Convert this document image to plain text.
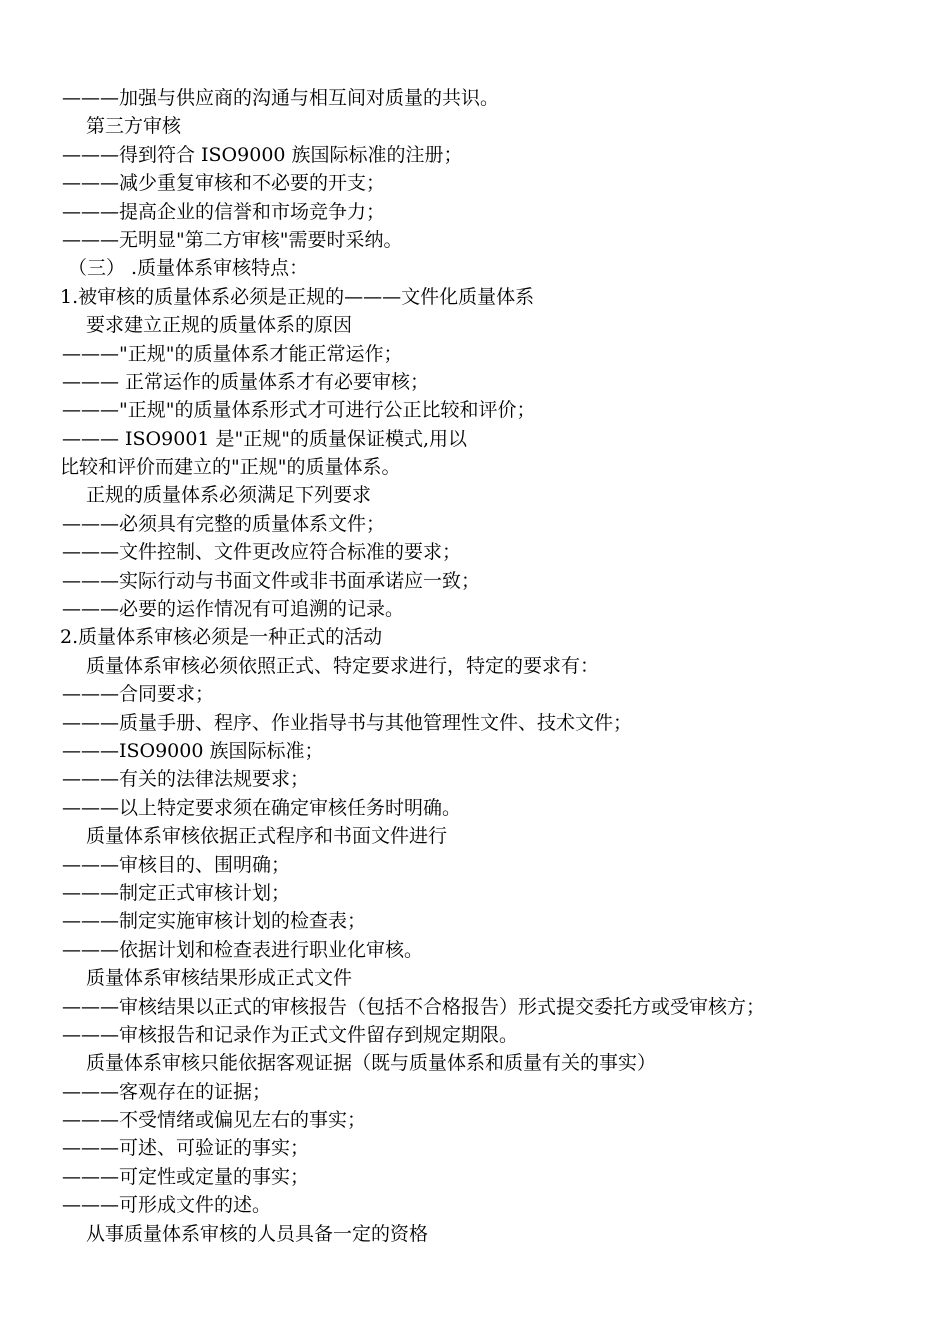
———加强与供应商的沟通与相互间对质量的共识。
第三方审核
———得到符合 ISO9000 族国际标准的注册；
———减少重复审核和不必要的开支；
———提高企业的信誉和市场竞争力；
———无明显"第二方审核"需要时采纳。
（三） .质量体系审核特点：
1.被审核的质量体系必须是正规的———文件化质量体系
要求建立正规的质量体系的原因
———"正规"的质量体系才能正常运作；
——— 正常运作的质量体系才有必要审核；
———"正规"的质量体系形式才可进行公正比较和评价；
——— ISO9001 是"正规"的质量保证模式,用以
比较和评价而建立的"正规"的质量体系。
正规的质量体系必须满足下列要求
———必须具有完整的质量体系文件；
———文件控制、文件更改应符合标准的要求；
———实际行动与书面文件或非书面承诺应一致；
———必要的运作情况有可追溯的记录。
2.质量体系审核必须是一种正式的活动
质量体系审核必须依照正式、特定要求进行，特定的要求有：
———合同要求；
———质量手册、程序、作业指导书与其他管理性文件、技术文件；
———ISO9000 族国际标准；
———有关的法律法规要求；
———以上特定要求须在确定审核任务时明确。
质量体系审核依据正式程序和书面文件进行
———审核目的、围明确；
———制定正式审核计划；
———制定实施审核计划的检查表；
———依据计划和检查表进行职业化审核。
质量体系审核结果形成正式文件
———审核结果以正式的审核报告（包括不合格报告）形式提交委托方或受审核方；
———审核报告和记录作为正式文件留存到规定期限。
质量体系审核只能依据客观证据（既与质量体系和质量有关的事实）
———客观存在的证据；
———不受情绪或偏见左右的事实；
———可述、可验证的事实；
———可定性或定量的事实；
———可形成文件的述。
从事质量体系审核的人员具备一定的资格
